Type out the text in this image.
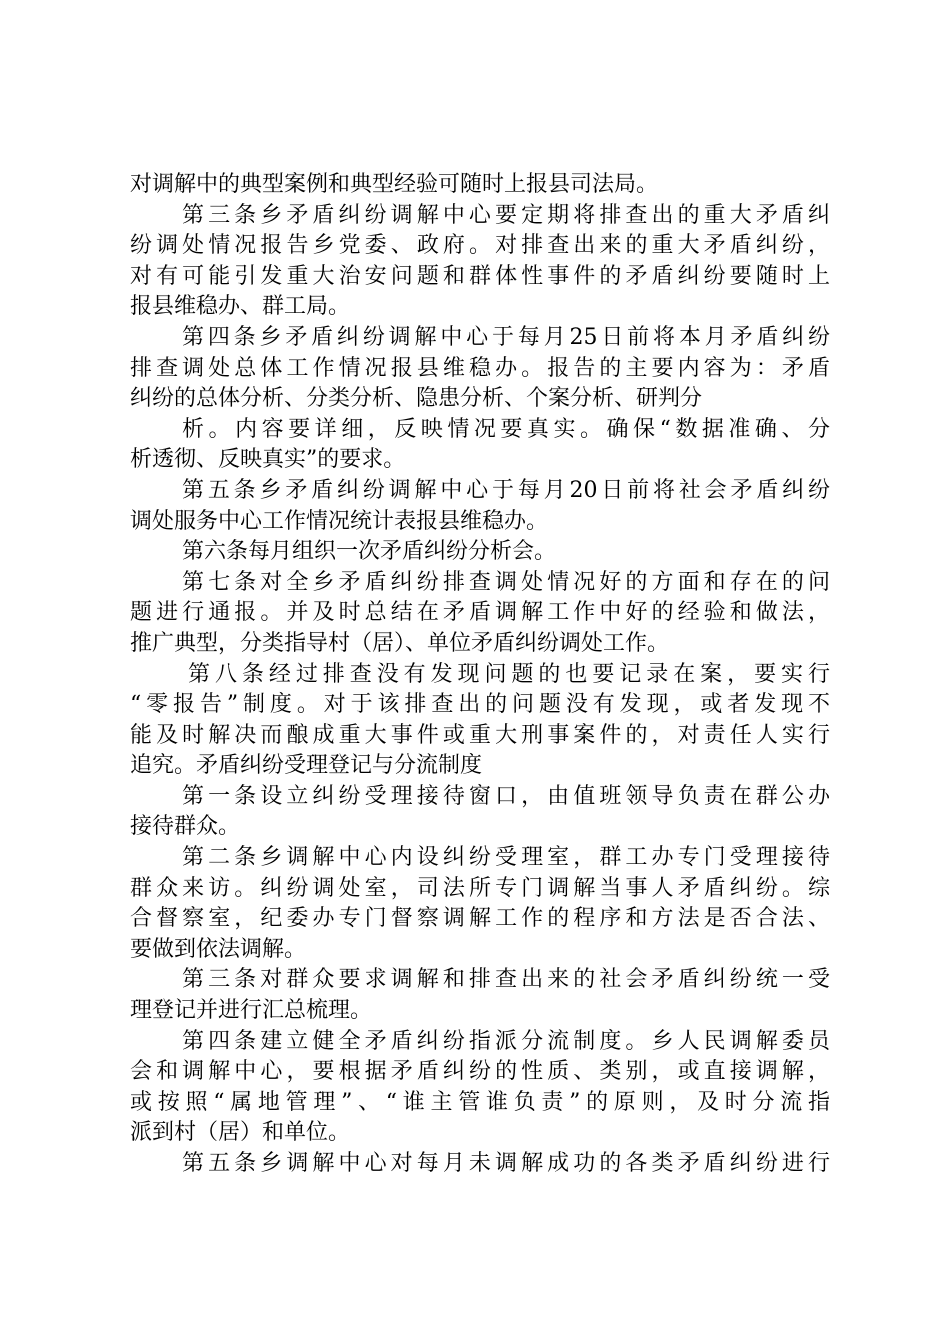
对调解中的典型案例和典型经验可随时上报县司法局。
第三条乡矛盾纠纷调解中心要定期将排查出的重大矛盾纠
纷调处情况报告乡党委、政府。对排查出来的重大矛盾纠纷，
对有可能引发重大治安问题和群体性事件的矛盾纠纷要随时上
报县维稳办、群工局。
第四条乡矛盾纠纷调解中心于每月25日前将本月矛盾纠纷
排查调处总体工作情况报县维稳办。报告的主要内容为：矛盾
纠纷的总体分析、分类分析、隐患分析、个案分析、研判分
析。内容要详细，反映情况要真实。确保“数据准确、分
析透彻、反映真实”的要求。
第五条乡矛盾纠纷调解中心于每月20日前将社会矛盾纠纷
调处服务中心工作情况统计表报县维稳办。
第六条每月组织一次矛盾纠纷分析会。
第七条对全乡矛盾纠纷排查调处情况好的方面和存在的问
题进行通报。并及时总结在矛盾调解工作中好的经验和做法，
推广典型，分类指导村（居）、单位矛盾纠纷调处工作。
第八条经过排查没有发现问题的也要记录在案，要实行
“零报告”制度。对于该排查出的问题没有发现，或者发现不
能及时解决而酿成重大事件或重大刑事案件的，对责任人实行
追究。矛盾纠纷受理登记与分流制度
第一条设立纠纷受理接待窗口，由值班领导负责在群公办
接待群众。
第二条乡调解中心内设纠纷受理室，群工办专门受理接待
群众来访。纠纷调处室，司法所专门调解当事人矛盾纠纷。综
合督察室，纪委办专门督察调解工作的程序和方法是否合法、
要做到依法调解。
第三条对群众要求调解和排查出来的社会矛盾纠纷统一受
理登记并进行汇总梳理。
第四条建立健全矛盾纠纷指派分流制度。乡人民调解委员
会和调解中心，要根据矛盾纠纷的性质、类别，或直接调解，
或按照“属地管理”、“谁主管谁负责”的原则，及时分流指
派到村（居）和单位。
第五条乡调解中心对每月未调解成功的各类矛盾纠纷进行
